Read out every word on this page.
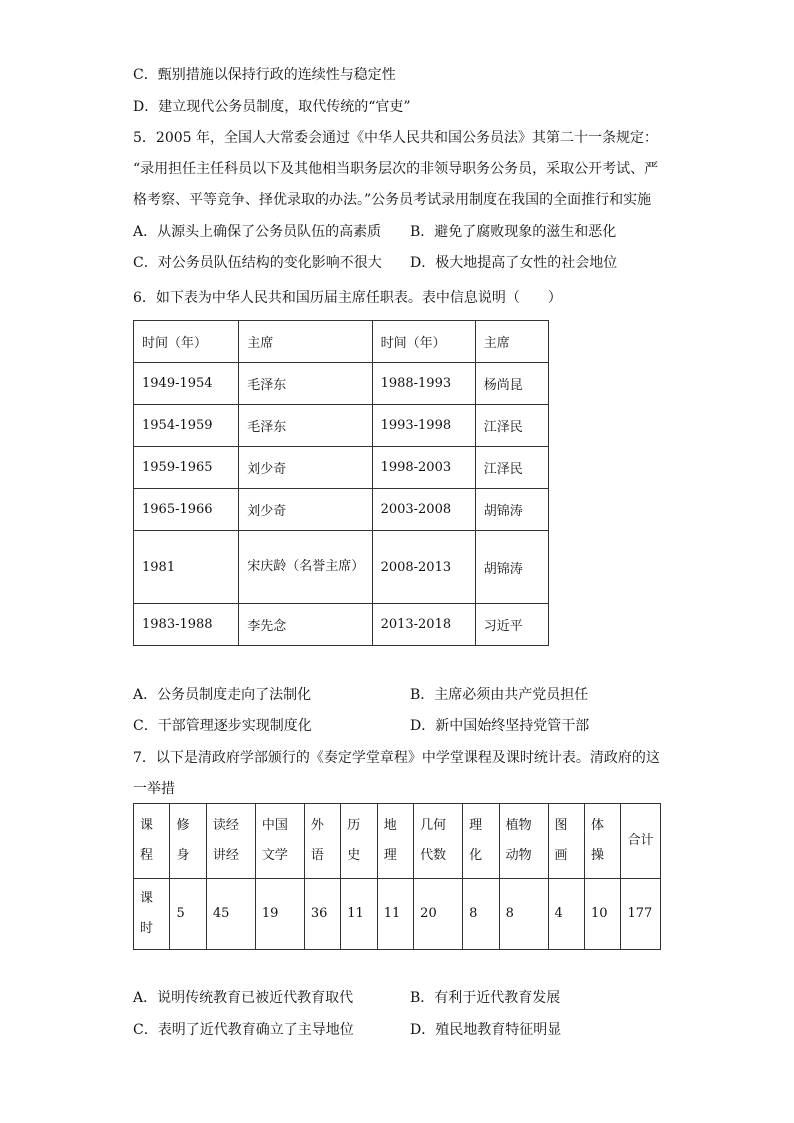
C．甄别措施以保持行政的连续性与稳定性
D．建立现代公务员制度，取代传统的“官吏”
5．2005 年，全国人大常委会通过《中华人民共和国公务员法》其第二十一条规定：
“录用担任主任科员以下及其他相当职务层次的非领导职务公务员，采取公开考试、严
格考察、平等竞争、择优录取的办法。”公务员考试录用制度在我国的全面推行和实施
A．从源头上确保了公务员队伍的高素质 B．避免了腐败现象的滋生和恶化
C．对公务员队伍结构的变化影响不很大 D．极大地提高了女性的社会地位
6．如下表为中华人民共和国历届主席任职表。表中信息说明（　　）
时间（年）	主席	时间（年）	主席
1949-1954	毛泽东	1988-1993	杨尚昆
1954-1959	毛泽东	1993-1998	江泽民
1959-1965	刘少奇	1998-2003	江泽民
1965-1966	刘少奇	2003-2008	胡锦涛
1981	宋庆龄（名誉主席）	2008-2013	胡锦涛
1983-1988	李先念	2013-2018	习近平
A．公务员制度走向了法制化	B．主席必须由共产党员担任
C．干部管理逐步实现制度化	D．新中国始终坚持党管干部
7．以下是清政府学部颁行的《奏定学堂章程》中学堂课程及课时统计表。清政府的这
一举措
课程	修身	读经讲经	中国文学	外语	历史	地理	几何代数	理化	植物动物	图画	体操	合计
课时	5	45	19	36	11	11	20	8	8	4	10	177
A．说明传统教育已被近代教育取代	B．有利于近代教育发展
C．表明了近代教育确立了主导地位	D．殖民地教育特征明显
